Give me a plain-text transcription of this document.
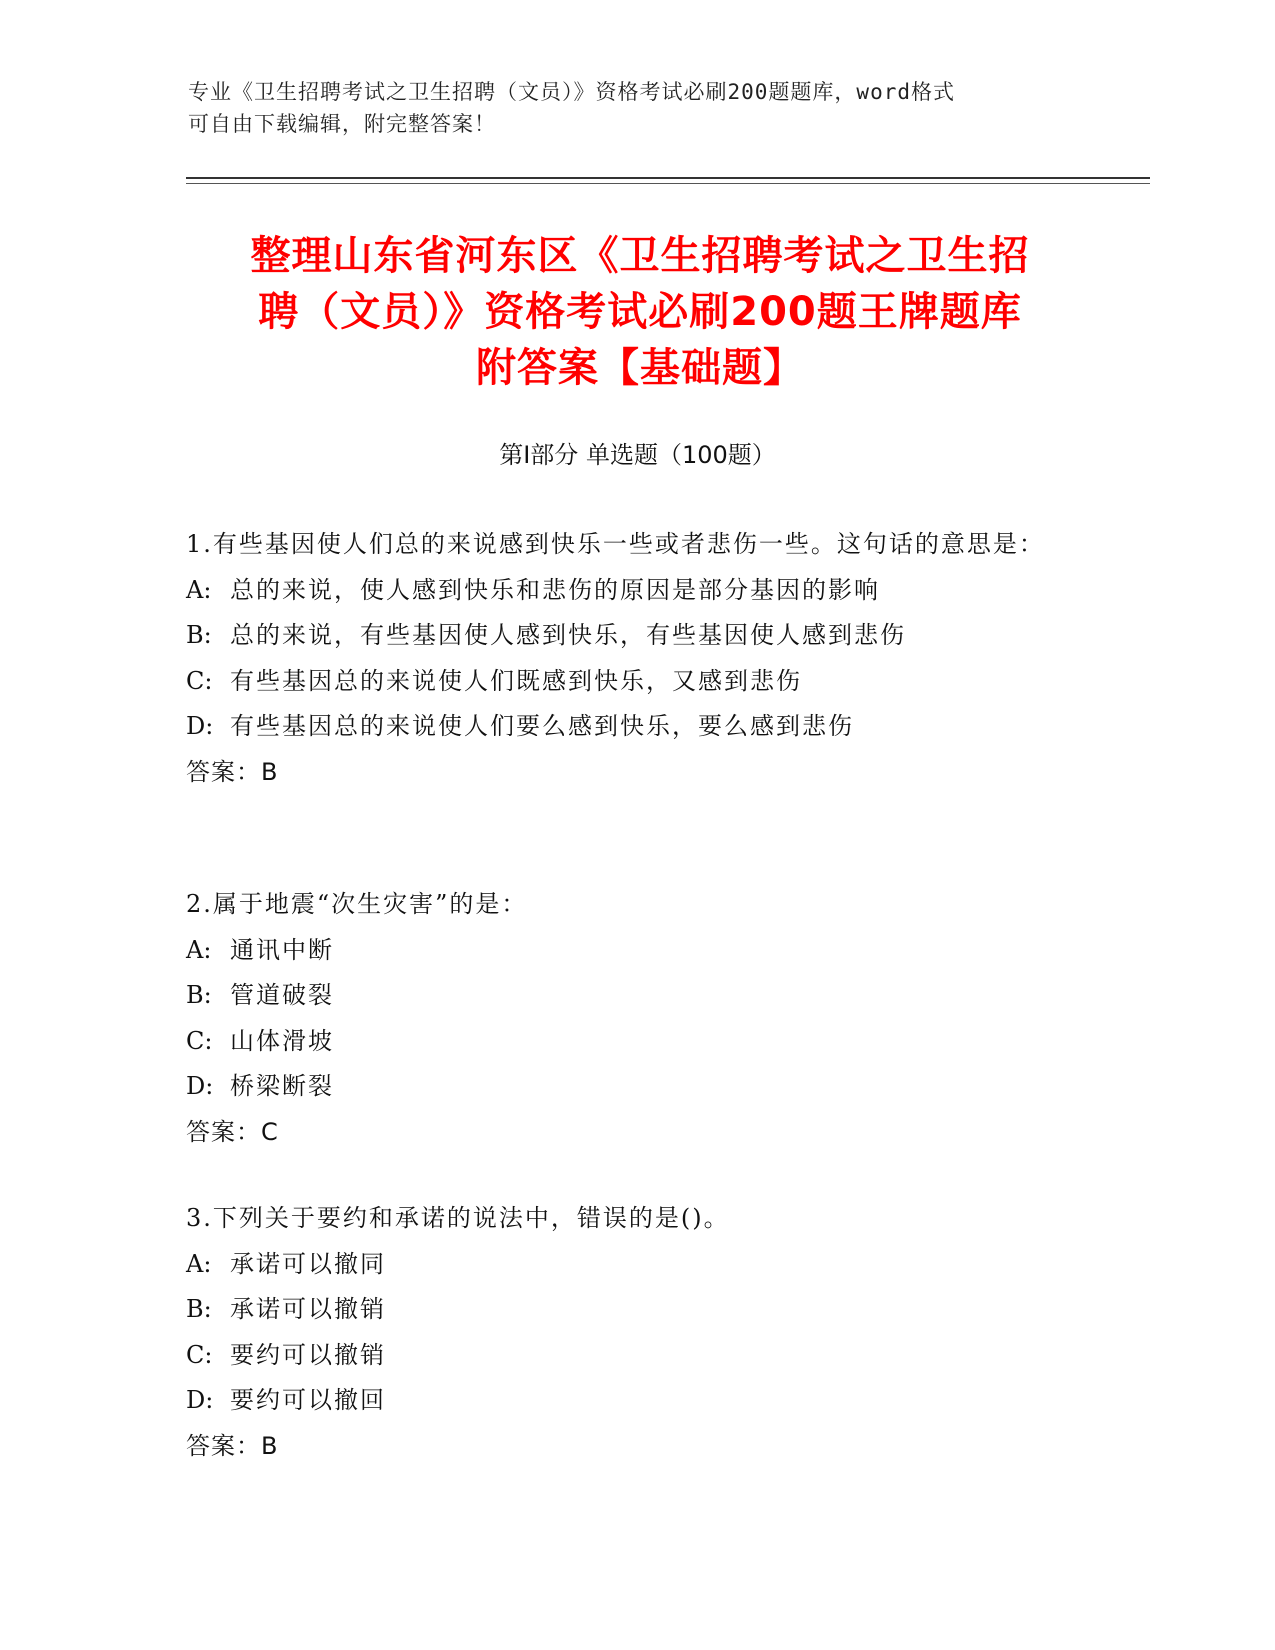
专业《卫生招聘考试之卫生招聘（文员）》资格考试必刷200题题库，word格式
可自由下载编辑，附完整答案！
整理山东省河东区《卫生招聘考试之卫生招
聘（文员）》资格考试必刷200题王牌题库
附答案【基础题】
第Ⅰ部分 单选题（100题）
1.有些基因使人们总的来说感到快乐一些或者悲伤一些。这句话的意思是：
A: 总的来说，使人感到快乐和悲伤的原因是部分基因的影响
B: 总的来说，有些基因使人感到快乐，有些基因使人感到悲伤
C: 有些基因总的来说使人们既感到快乐，又感到悲伤
D: 有些基因总的来说使人们要么感到快乐，要么感到悲伤
答案：B
2.属于地震“次生灾害”的是：
A: 通讯中断
B: 管道破裂
C: 山体滑坡
D: 桥梁断裂
答案：C
3.下列关于要约和承诺的说法中，错误的是()。
A: 承诺可以撤同
B: 承诺可以撤销
C: 要约可以撤销
D: 要约可以撤回
答案：B
